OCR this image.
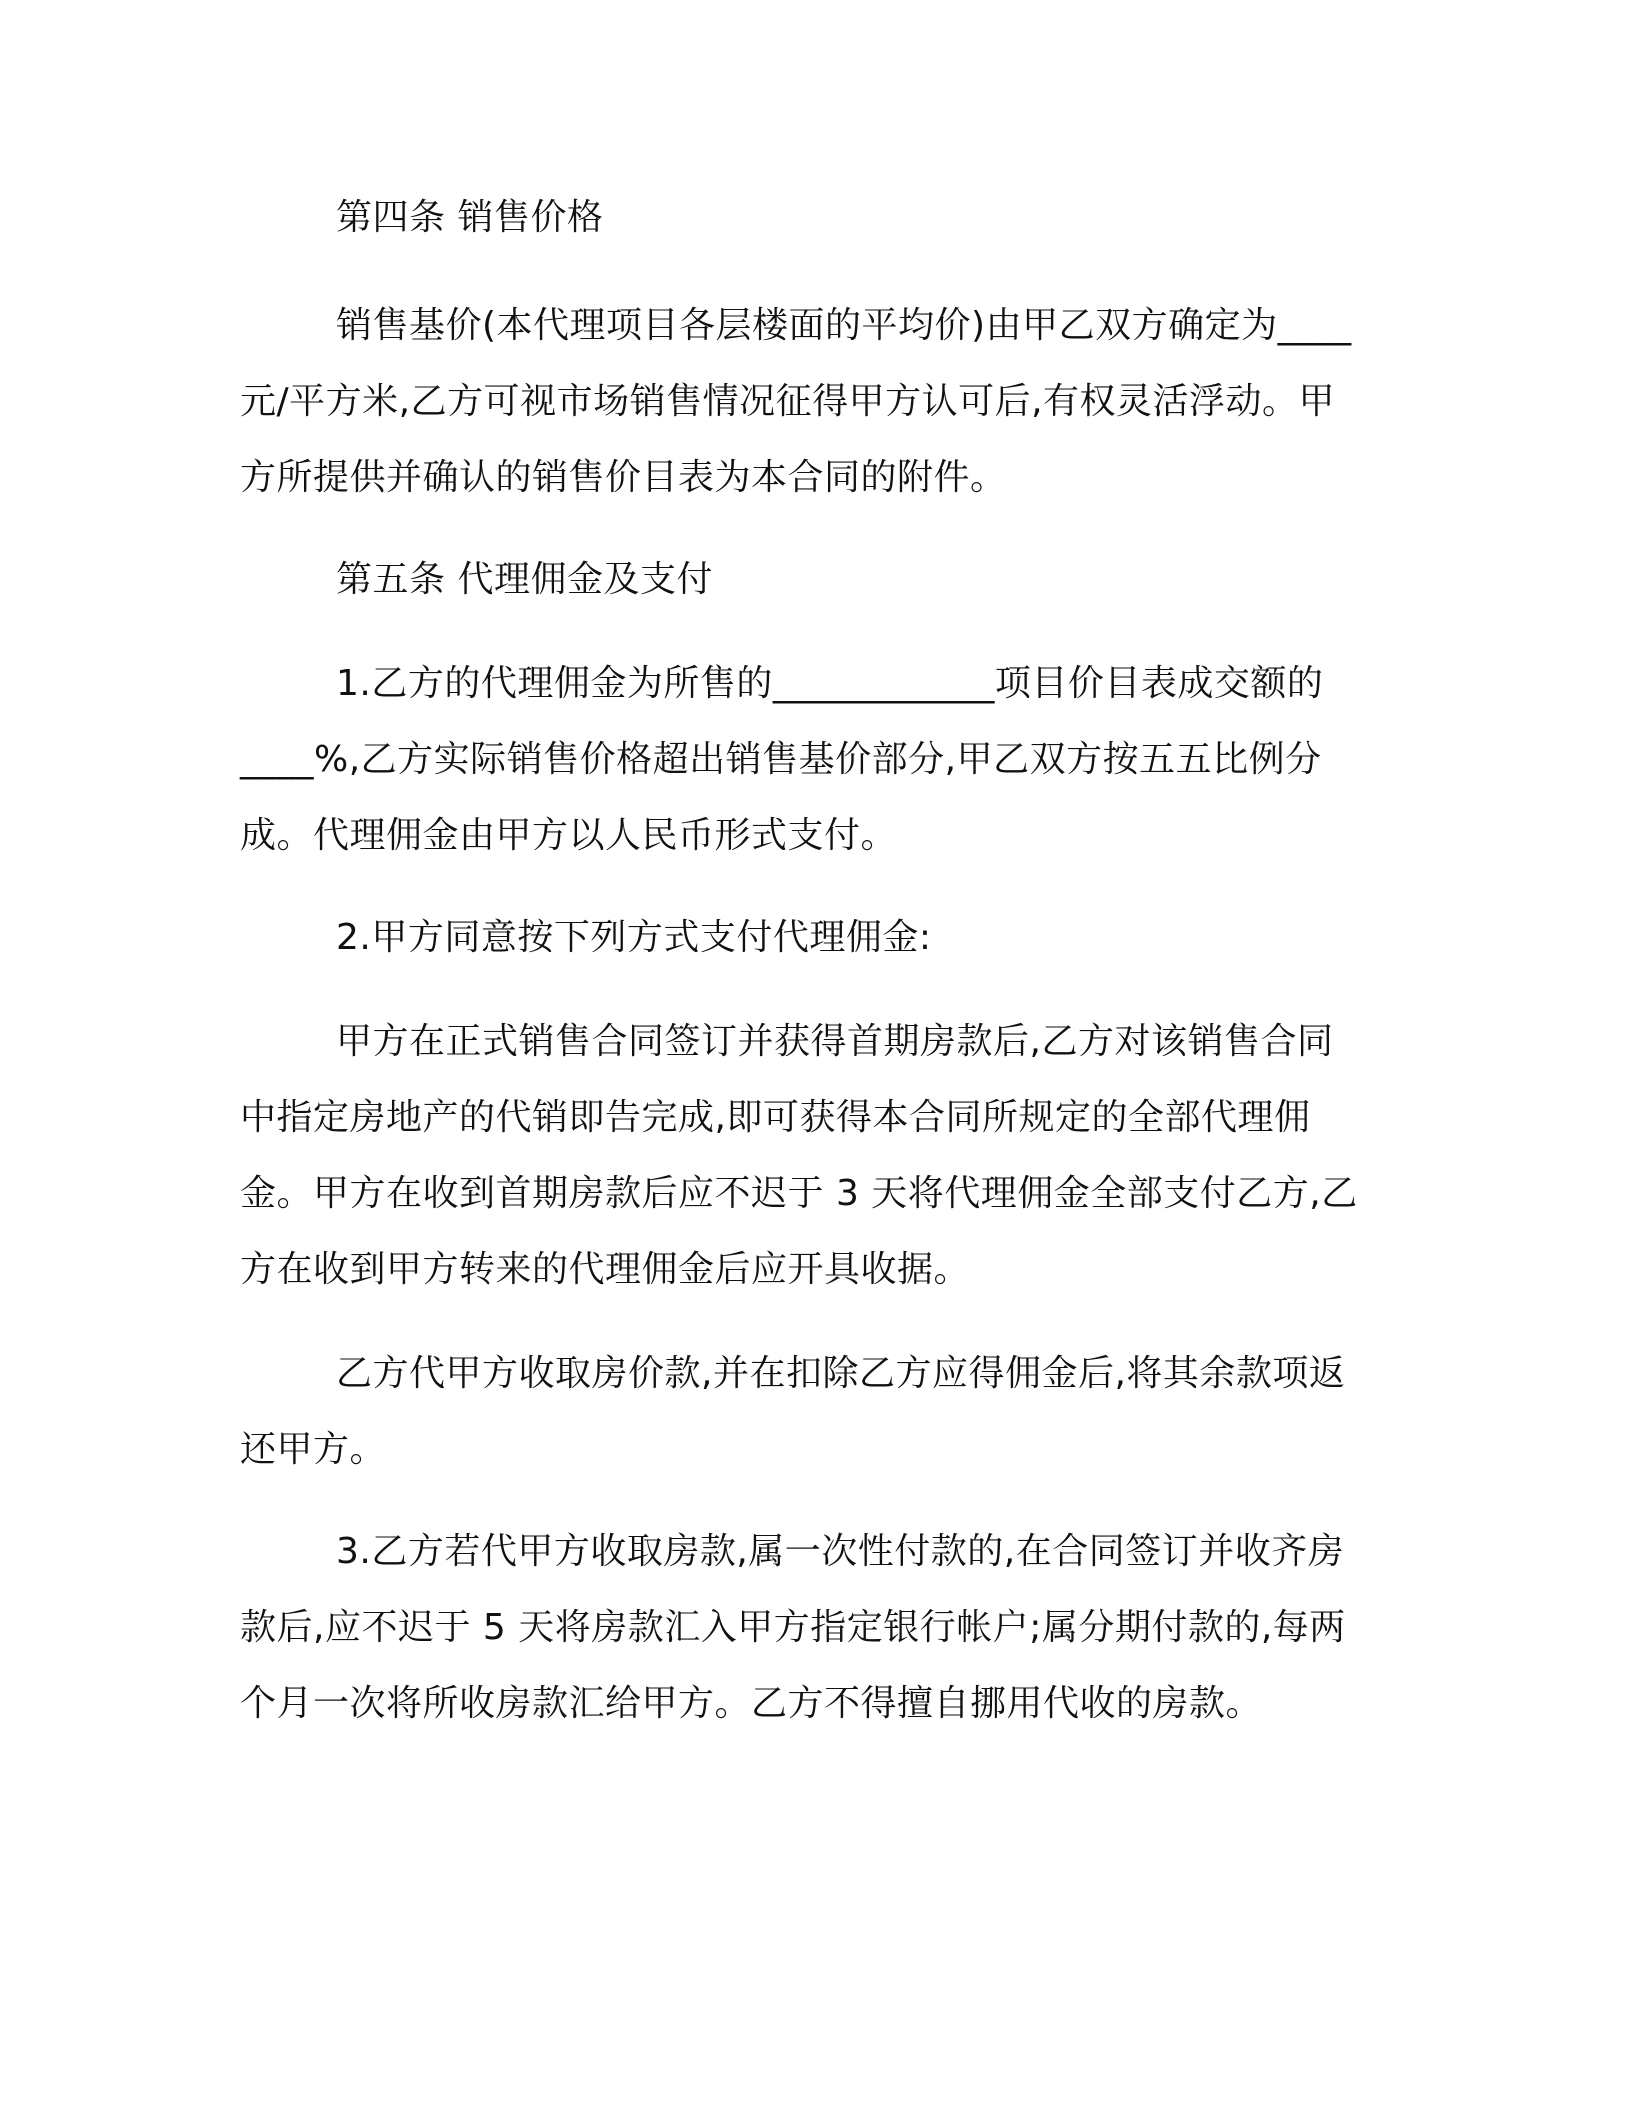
第四条 销售价格

销售基价(本代理项目各层楼面的平均价)由甲乙双方确定为____

元/平方米,乙方可视市场销售情况征得甲方认可后,有权灵活浮动。甲

方所提供并确认的销售价目表为本合同的附件。

第五条 代理佣金及支付

1.乙方的代理佣金为所售的____________项目价目表成交额的

____%,乙方实际销售价格超出销售基价部分,甲乙双方按五五比例分

成。代理佣金由甲方以人民币形式支付。

2.甲方同意按下列方式支付代理佣金:

甲方在正式销售合同签订并获得首期房款后,乙方对该销售合同

中指定房地产的代销即告完成,即可获得本合同所规定的全部代理佣

金。甲方在收到首期房款后应不迟于 3 天将代理佣金全部支付乙方,乙

方在收到甲方转来的代理佣金后应开具收据。

乙方代甲方收取房价款,并在扣除乙方应得佣金后,将其余款项返

还甲方。

3.乙方若代甲方收取房款,属一次性付款的,在合同签订并收齐房

款后,应不迟于 5 天将房款汇入甲方指定银行帐户;属分期付款的,每两

个月一次将所收房款汇给甲方。乙方不得擅自挪用代收的房款。
